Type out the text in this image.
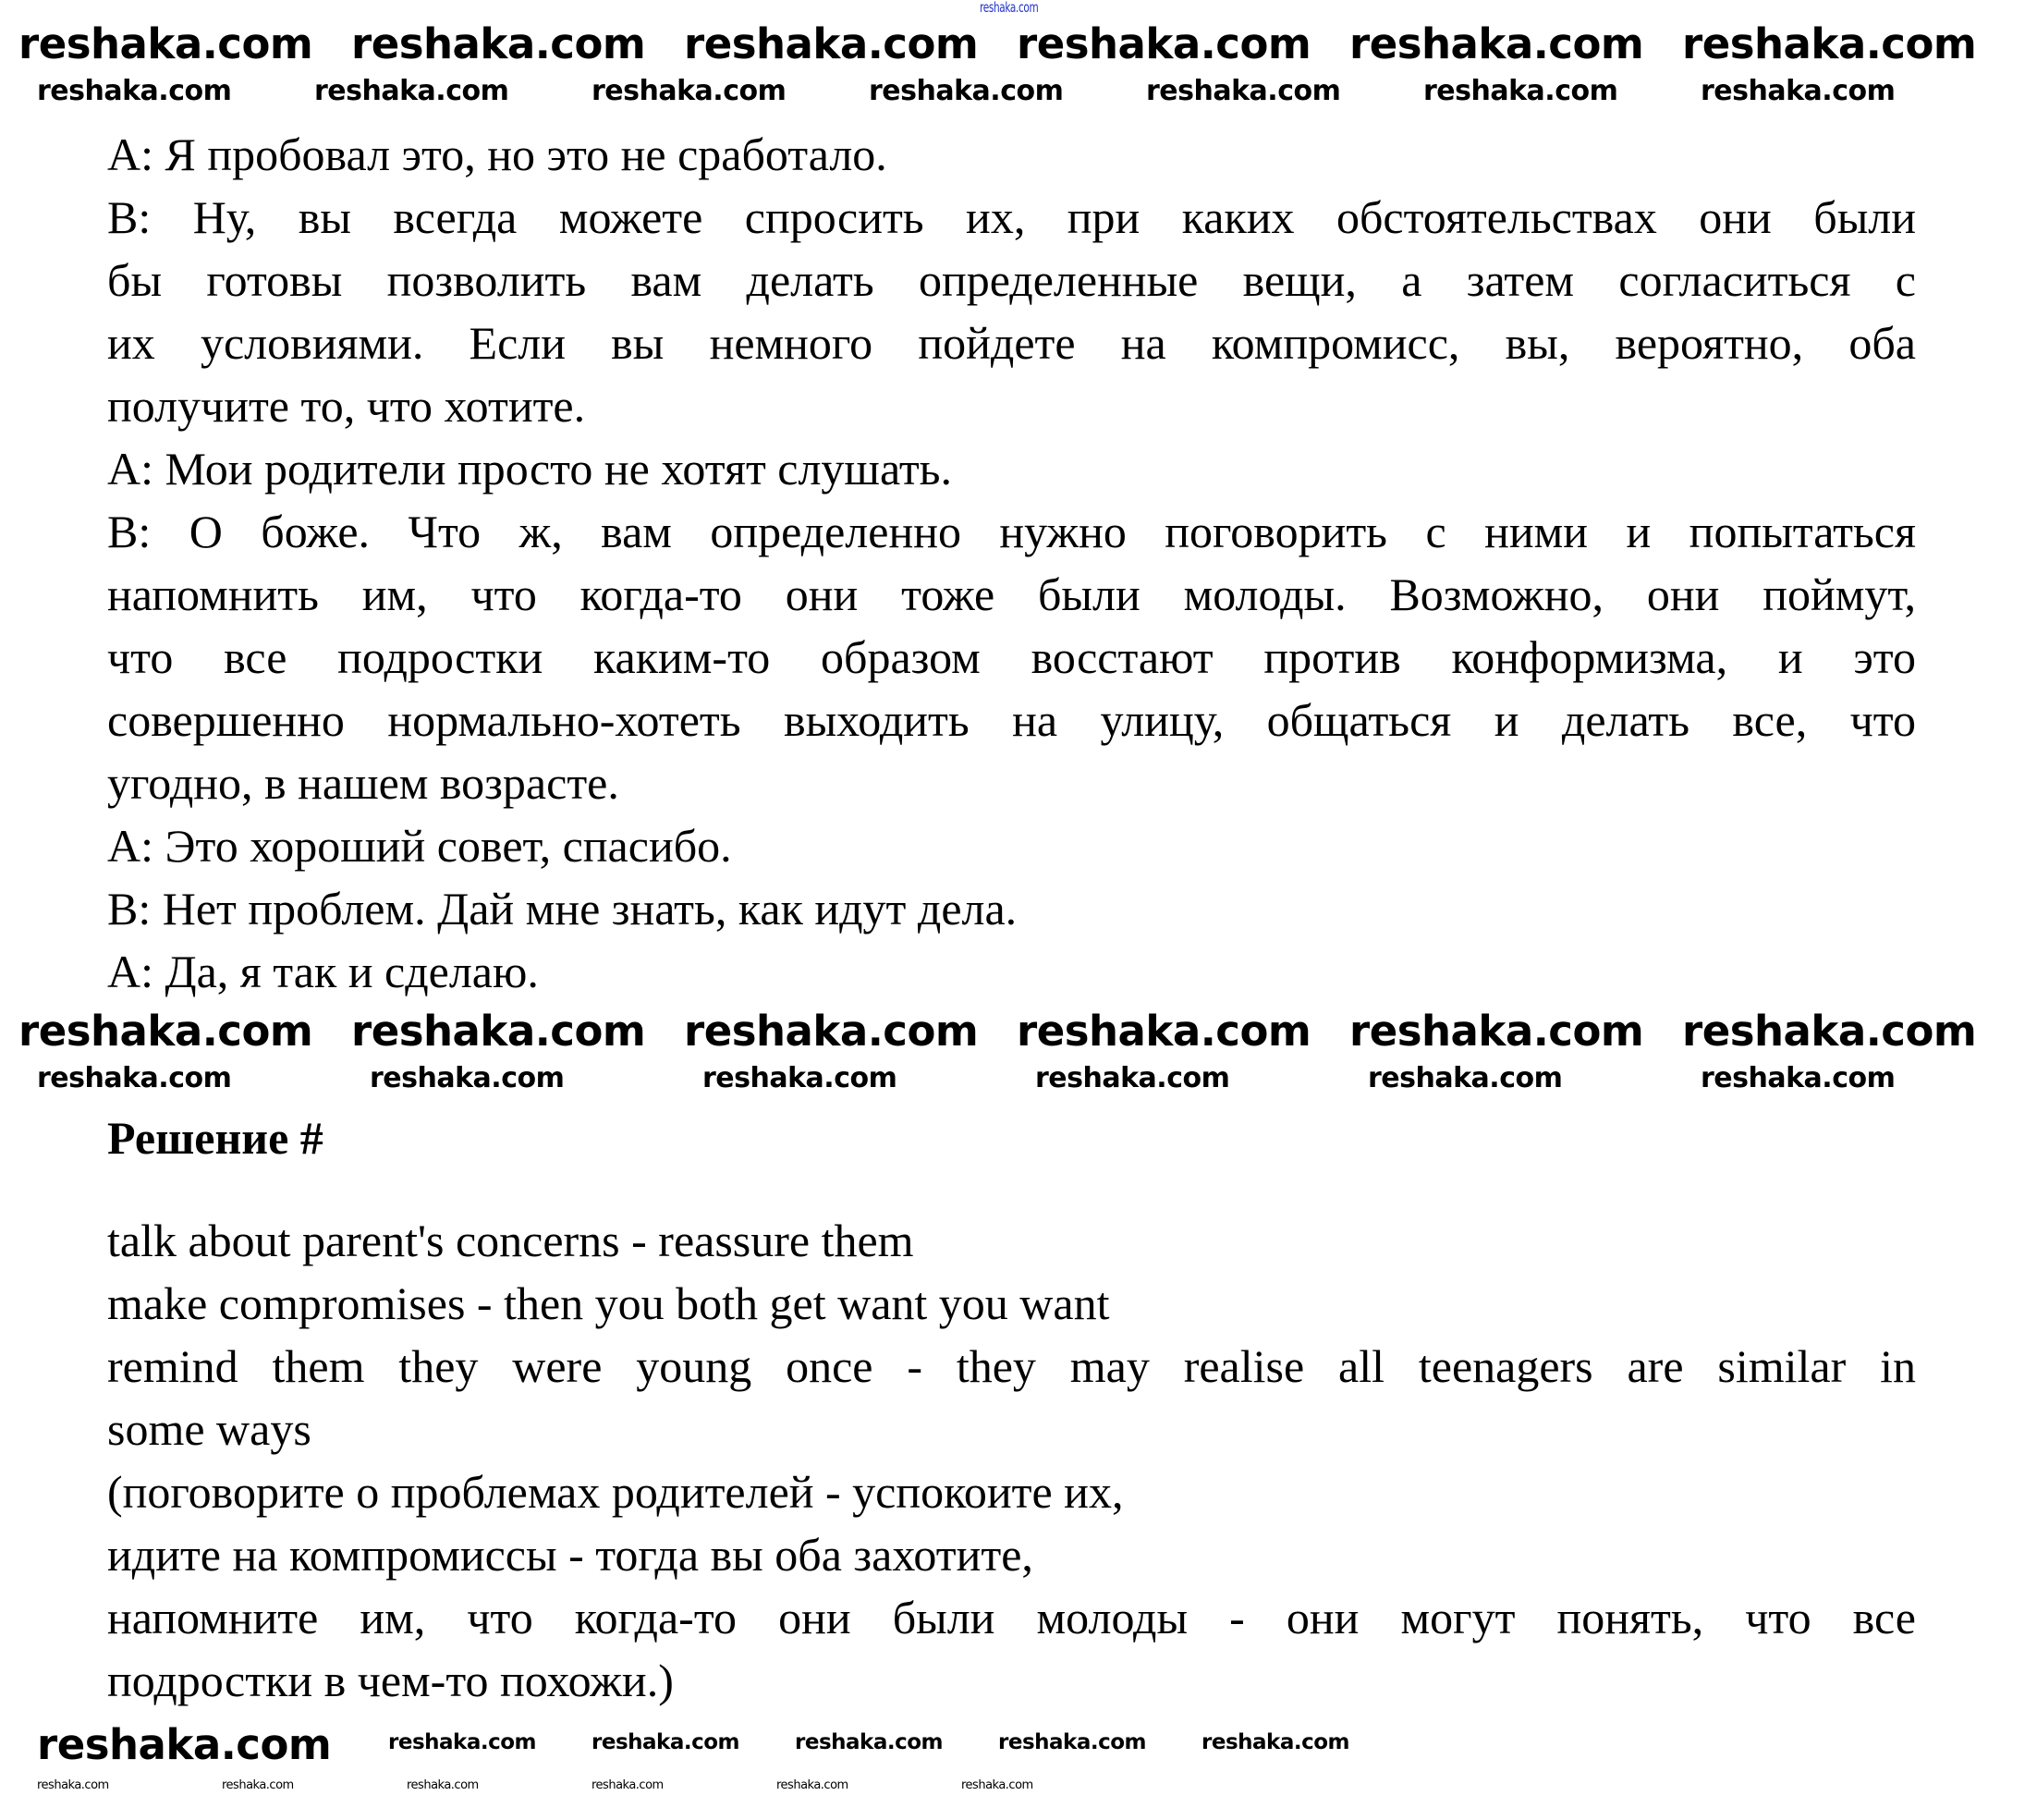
reshaka.com
A: Я пробовал это, но это не сработало.
B: Ну, вы всегда можете спросить их, при каких обстоятельствах они были
бы готовы позволить вам делать определенные вещи, а затем согласиться с
их условиями. Если вы немного пойдете на компромисс, вы, вероятно, оба
получите то, что хотите.
A: Мои родители просто не хотят слушать.
B: О боже. Что ж, вам определенно нужно поговорить с ними и попытаться
напомнить им, что когда-то они тоже были молоды. Возможно, они поймут,
что все подростки каким-то образом восстают против конформизма, и это
совершенно нормально-хотеть выходить на улицу, общаться и делать все, что
угодно, в нашем возрасте.
A: Это хороший совет, спасибо.
B: Нет проблем. Дай мне знать, как идут дела.
A: Да, я так и сделаю.
Решение #
talk about parent's concerns - reassure them
make compromises - then you both get want you want
remind them they were young once - they may realise all teenagers are similar in
some ways
(поговорите о проблемах родителей - успокоите их,
идите на компромиссы - тогда вы оба захотите,
напомните им, что когда-то они были молоды - они могут понять, что все
подростки в чем-то похожи.)
reshaka.com reshaka.com reshaka.com reshaka.com reshaka.com reshaka.com
reshaka.com	reshaka.com	reshaka.com	reshaka.com	reshaka.com	reshaka.com	reshaka.com
reshaka.com reshaka.com reshaka.com reshaka.com reshaka.com reshaka.com
reshaka.com	reshaka.com	reshaka.com	reshaka.com	reshaka.com	reshaka.com
reshaka.com	reshaka.com	reshaka.com	reshaka.com	reshaka.com	reshaka.com
reshaka.com	reshaka.com	reshaka.com	reshaka.com	reshaka.com	reshaka.com
